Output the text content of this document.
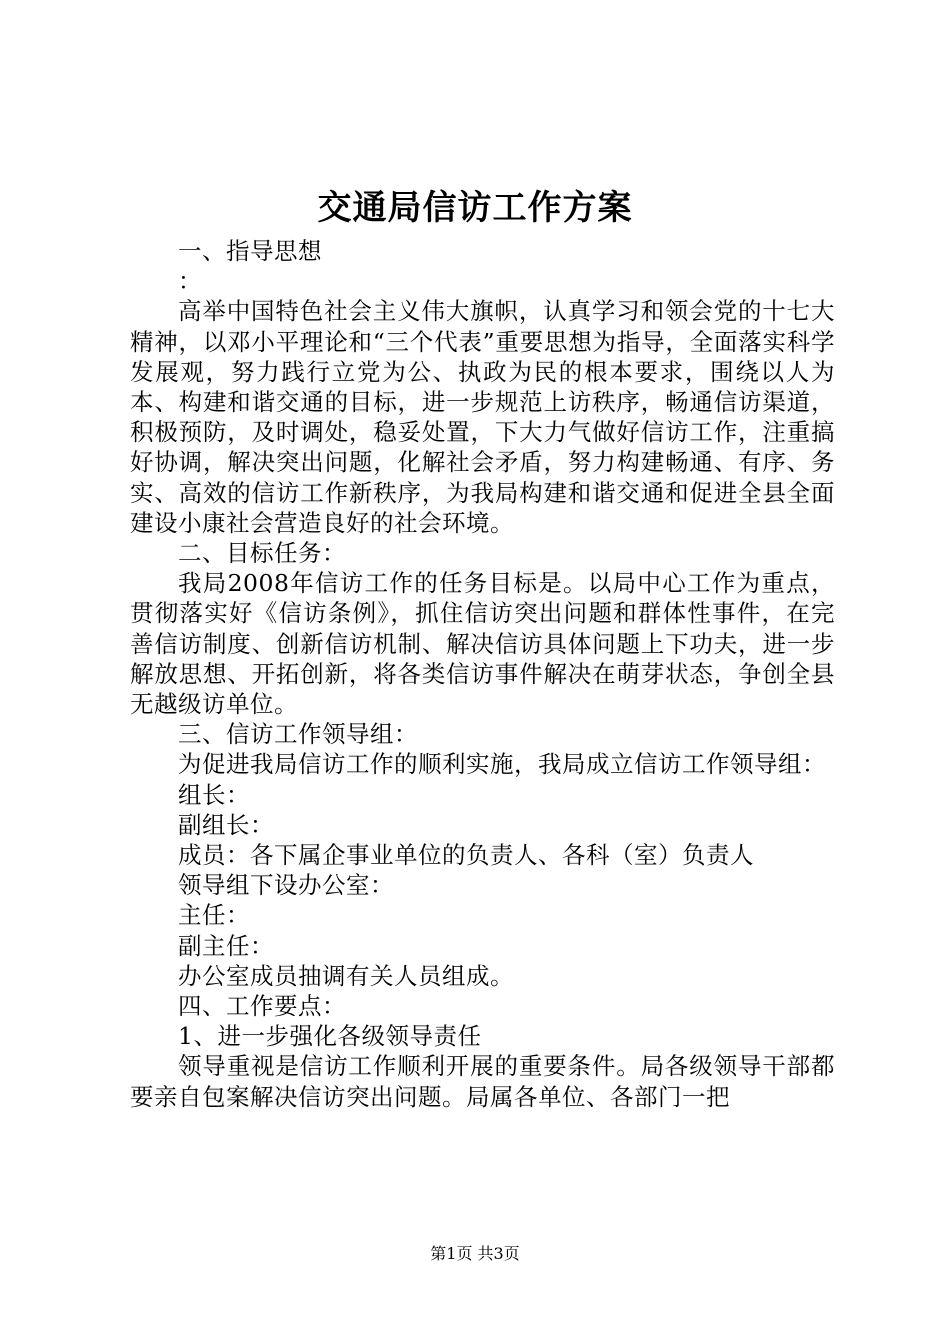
交通局信访工作方案

一、指导思想

：

高举中国特色社会主义伟大旗帜，认真学习和领会党的十七大精神，以邓小平理论和“三个代表”重要思想为指导，全面落实科学发展观，努力践行立党为公、执政为民的根本要求，围绕以人为本、构建和谐交通的目标，进一步规范上访秩序，畅通信访渠道，积极预防，及时调处，稳妥处置，下大力气做好信访工作，注重搞好协调，解决突出问题，化解社会矛盾，努力构建畅通、有序、务实、高效的信访工作新秩序，为我局构建和谐交通和促进全县全面建设小康社会营造良好的社会环境。

二、目标任务：

我局2008年信访工作的任务目标是。以局中心工作为重点，贯彻落实好《信访条例》，抓住信访突出问题和群体性事件，在完善信访制度、创新信访机制、解决信访具体问题上下功夫，进一步解放思想、开拓创新，将各类信访事件解决在萌芽状态，争创全县无越级访单位。

三、信访工作领导组：

为促进我局信访工作的顺利实施，我局成立信访工作领导组：

组长：

副组长：

成员：各下属企事业单位的负责人、各科（室）负责人

领导组下设办公室：

主任：

副主任：

办公室成员抽调有关人员组成。

四、工作要点：

1、进一步强化各级领导责任

领导重视是信访工作顺利开展的重要条件。局各级领导干部都要亲自包案解决信访突出问题。局属各单位、各部门一把

第1页 共3页
